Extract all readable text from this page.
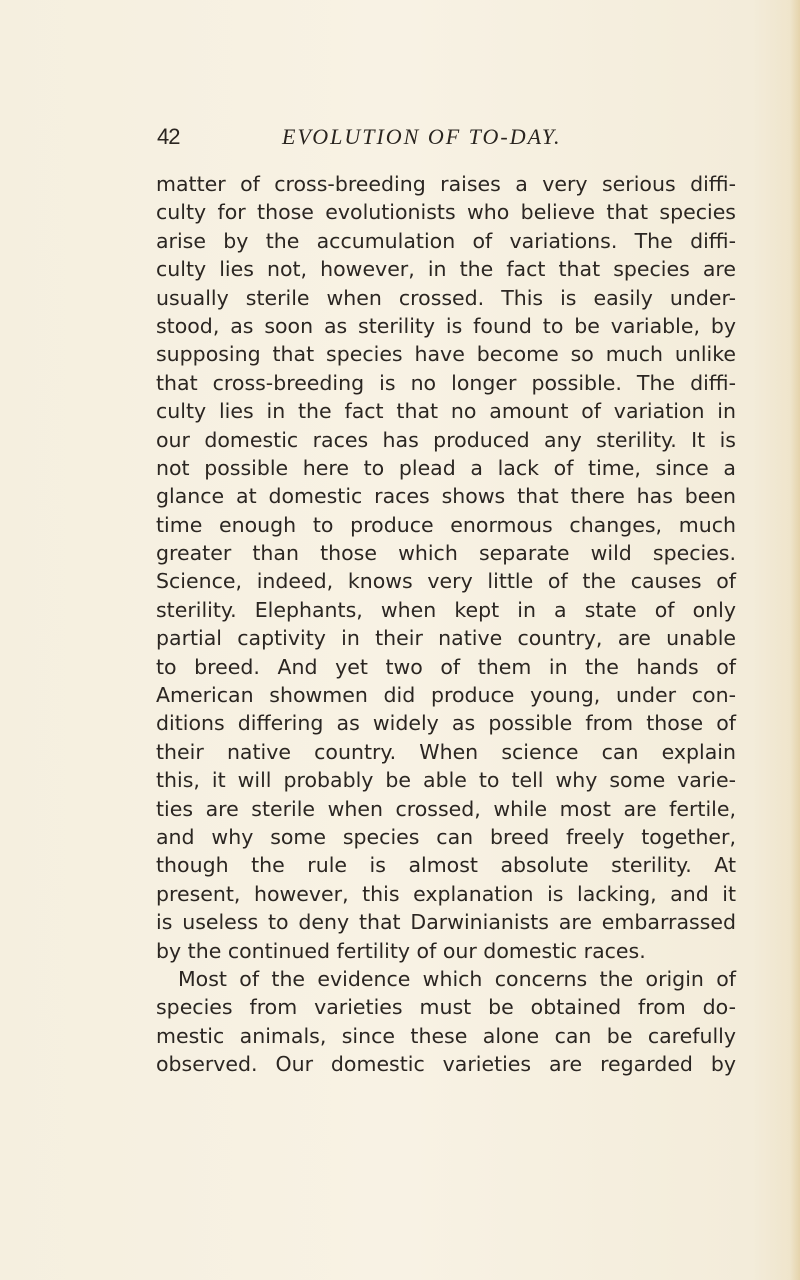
42	EVOLUTION OF TO-DAY.
matter of cross-breeding raises a very serious diffi-
culty for those evolutionists who believe that species
arise by the accumulation of variations. The diffi-
culty lies not, however, in the fact that species are
usually sterile when crossed. This is easily under-
stood, as soon as sterility is found to be variable, by
supposing that species have become so much unlike
that cross-breeding is no longer possible. The diffi-
culty lies in the fact that no amount of variation in
our domestic races has produced any sterility. It is
not possible here to plead a lack of time, since a
glance at domestic races shows that there has been
time enough to produce enormous changes, much
greater than those which separate wild species.
Science, indeed, knows very little of the causes of
sterility. Elephants, when kept in a state of only
partial captivity in their native country, are unable
to breed. And yet two of them in the hands of
American showmen did produce young, under con-
ditions differing as widely as possible from those of
their native country. When science can explain
this, it will probably be able to tell why some varie-
ties are sterile when crossed, while most are fertile,
and why some species can breed freely together,
though the rule is almost absolute sterility. At
present, however, this explanation is lacking, and it
is useless to deny that Darwinianists are embarrassed
by the continued fertility of our domestic races.
Most of the evidence which concerns the origin of
species from varieties must be obtained from do-
mestic animals, since these alone can be carefully
observed. Our domestic varieties are regarded by
